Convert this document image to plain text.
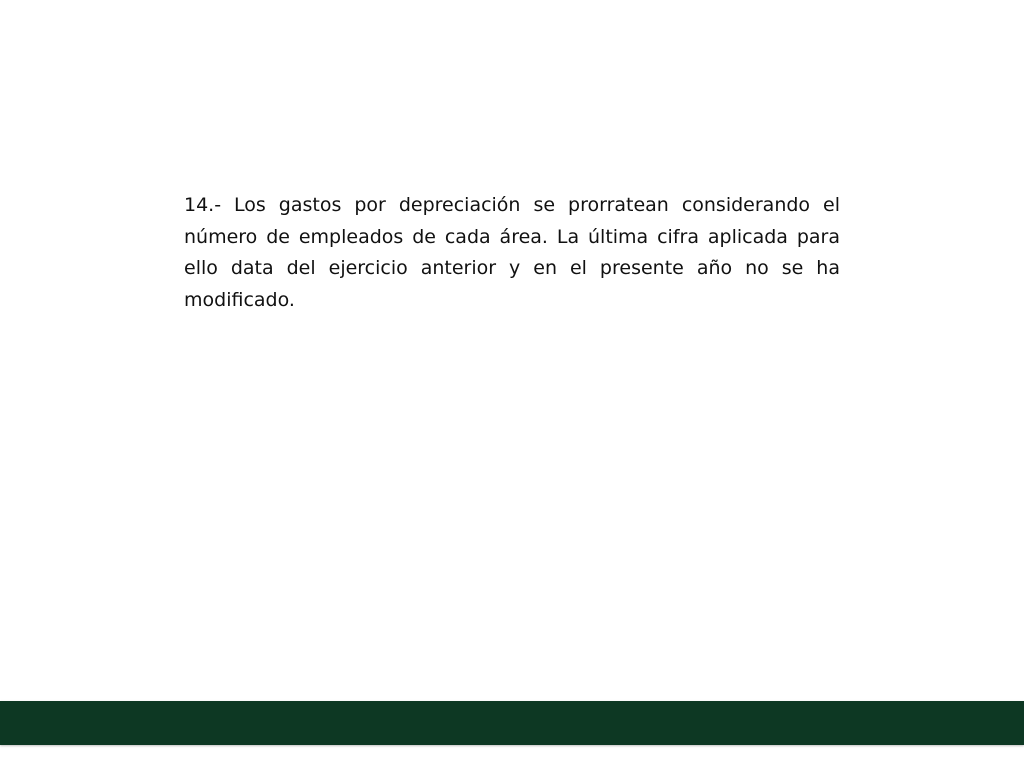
14.- Los gastos por depreciación se prorratean considerando el número de empleados de cada área. La última cifra aplicada para ello data del ejercicio anterior y en el presente año no se ha modificado.
